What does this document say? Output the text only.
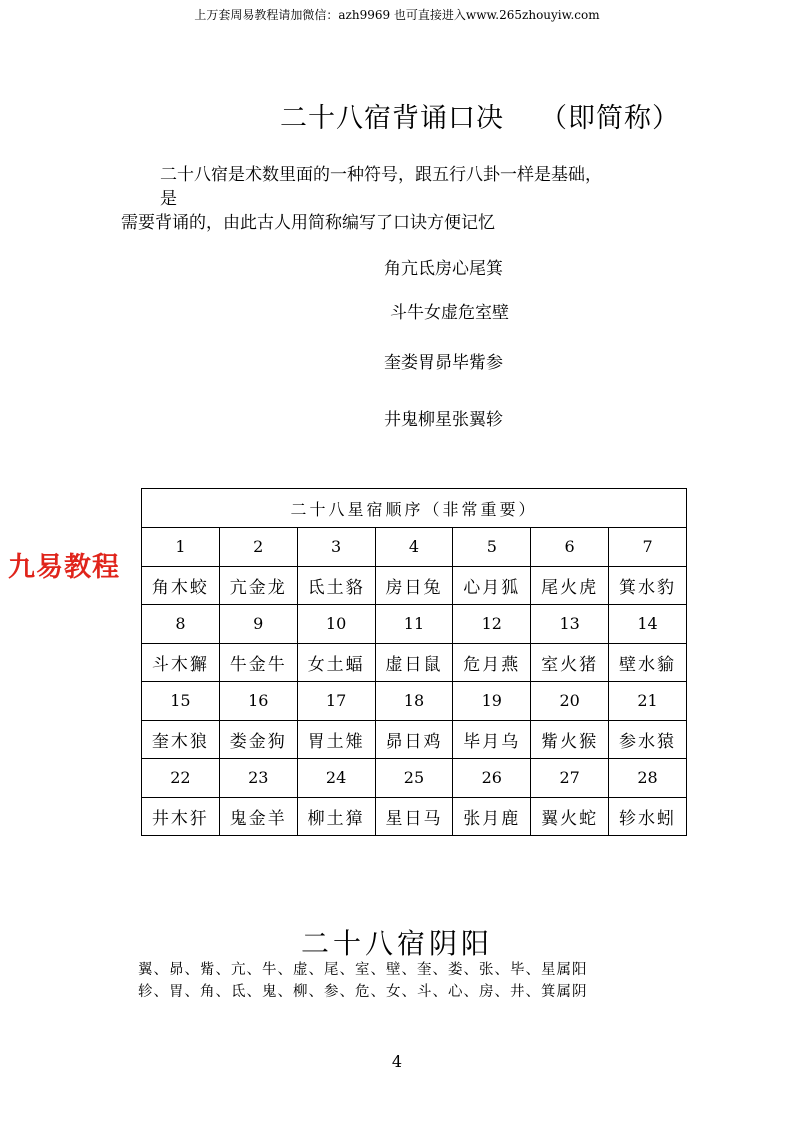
上万套周易教程请加微信：azh9969 也可直接进入www.265zhouyiw.com
二十八宿背诵口决 （即简称）
二十八宿是术数里面的一种符号，跟五行八卦一样是基础，
是
需要背诵的，由此古人用简称编写了口诀方便记忆
角亢氐房心尾箕
斗牛女虚危室壁
奎娄胃昴毕觜参
井鬼柳星张翼轸
九易教程
二十八星宿顺序（非常重要）						
1	2	3	4	5	6	7
角木蛟	亢金龙	氐土貉	房日兔	心月狐	尾火虎	箕水豹
8	9	10	11	12	13	14
斗木獬	牛金牛	女土蝠	虚日鼠	危月燕	室火猪	壁水貐
15	16	17	18	19	20	21
奎木狼	娄金狗	胃土雉	昴日鸡	毕月乌	觜火猴	参水猿
22	23	24	25	26	27	28
井木犴	鬼金羊	柳土獐	星日马	张月鹿	翼火蛇	轸水蚓
二十八宿阴阳
翼、昴、觜、亢、牛、虚、尾、室、壁、奎、娄、张、毕、星属阳
轸、胃、角、氐、鬼、柳、参、危、女、斗、心、房、井、箕属阴
4
